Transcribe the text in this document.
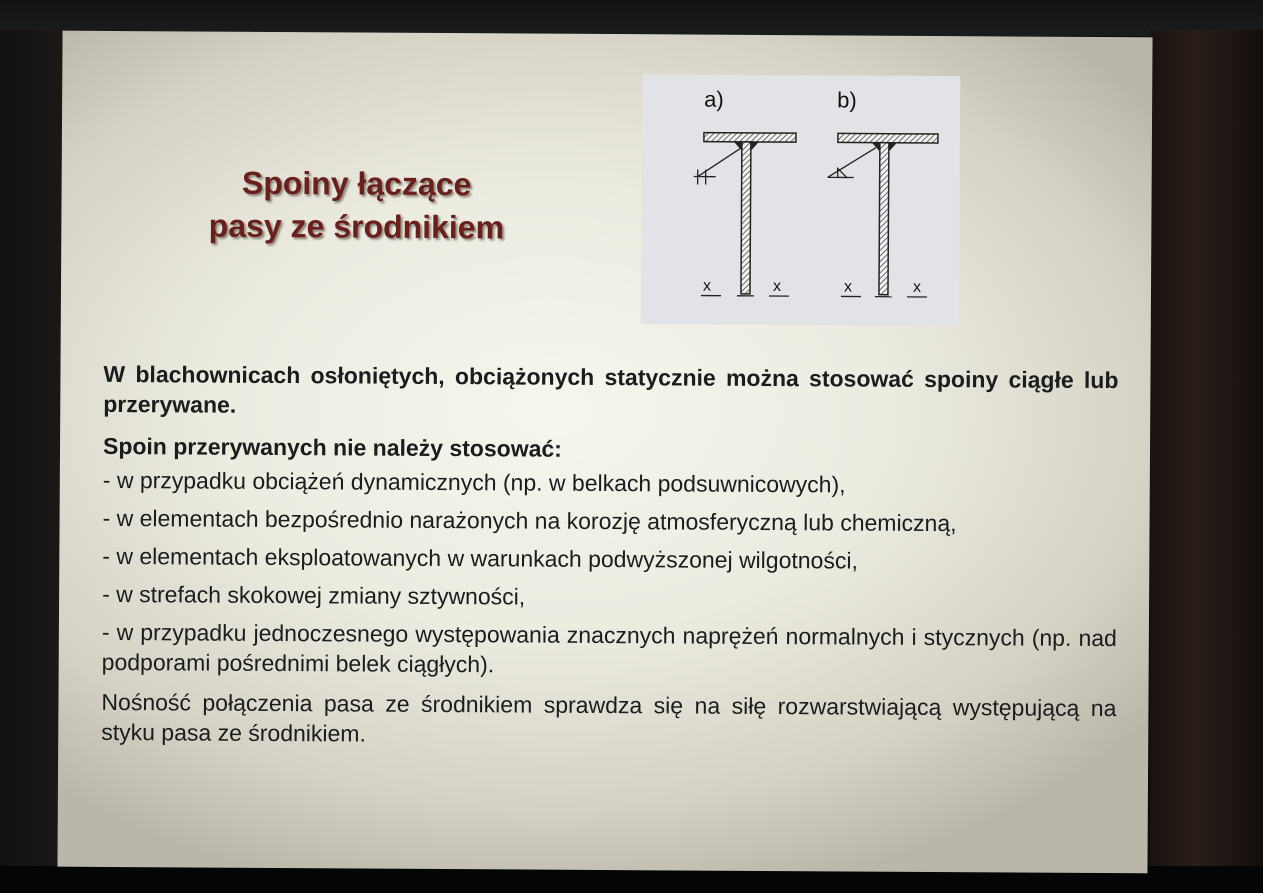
Spoiny łączące
pasy ze środnikiem
a)	b)
x	x	x	x

W blachownicach osłoniętych, obciążonych statycznie można stosować spoiny ciągłe lub przerywane.

Spoin przerywanych nie należy stosować:

- w przypadku obciążeń dynamicznych (np. w belkach podsuwnicowych),

- w elementach bezpośrednio narażonych na korozję atmosferyczną lub chemiczną,

- w elementach eksploatowanych w warunkach podwyższonej wilgotności,

- w strefach skokowej zmiany sztywności,

- w przypadku jednoczesnego występowania znacznych naprężeń normalnych i stycznych (np. nad podporami pośrednimi belek ciągłych).

Nośność połączenia pasa ze środnikiem sprawdza się na siłę rozwarstwiającą występującą na styku pasa ze środnikiem.
